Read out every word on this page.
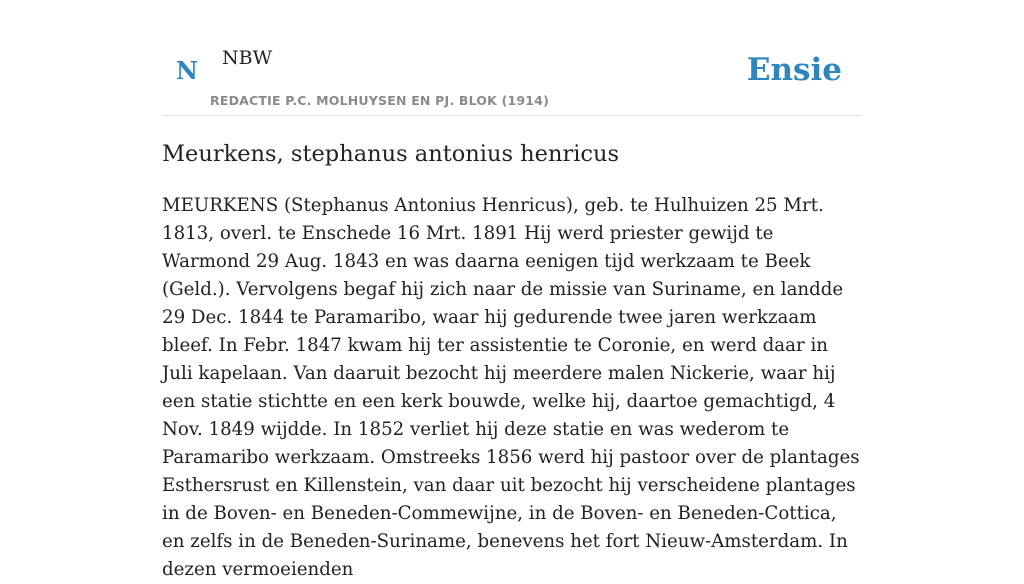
N NBW
REDACTIE P.C. MOLHUYSEN EN PJ. BLOK (1914)
Ensie
Meurkens, stephanus antonius henricus

MEURKENS (Stephanus Antonius Henricus), geb. te Hulhuizen 25 Mrt. 1813, overl. te Enschede 16 Mrt. 1891 Hij werd priester gewijd te Warmond 29 Aug. 1843 en was daarna eenigen tijd werkzaam te Beek (Geld.). Vervolgens begaf hij zich naar de missie van Suriname, en landde 29 Dec. 1844 te Paramaribo, waar hij gedurende twee jaren werkzaam bleef. In Febr. 1847 kwam hij ter assistentie te Coronie, en werd daar in Juli kapelaan. Van daaruit bezocht hij meerdere malen Nickerie, waar hij een statie stichtte en een kerk bouwde, welke hij, daartoe gemachtigd, 4 Nov. 1849 wijdde. In 1852 verliet hij deze statie en was wederom te Paramaribo werkzaam. Omstreeks 1856 werd hij pastoor over de plantages Esthersrust en Killenstein, van daar uit bezocht hij verscheidene plantages in de Boven- en Beneden-Commewijne, in de Boven- en Beneden-Cottica, en zelfs in de Beneden-Suriname, benevens het fort Nieuw-Amsterdam. In dezen vermoeienden
